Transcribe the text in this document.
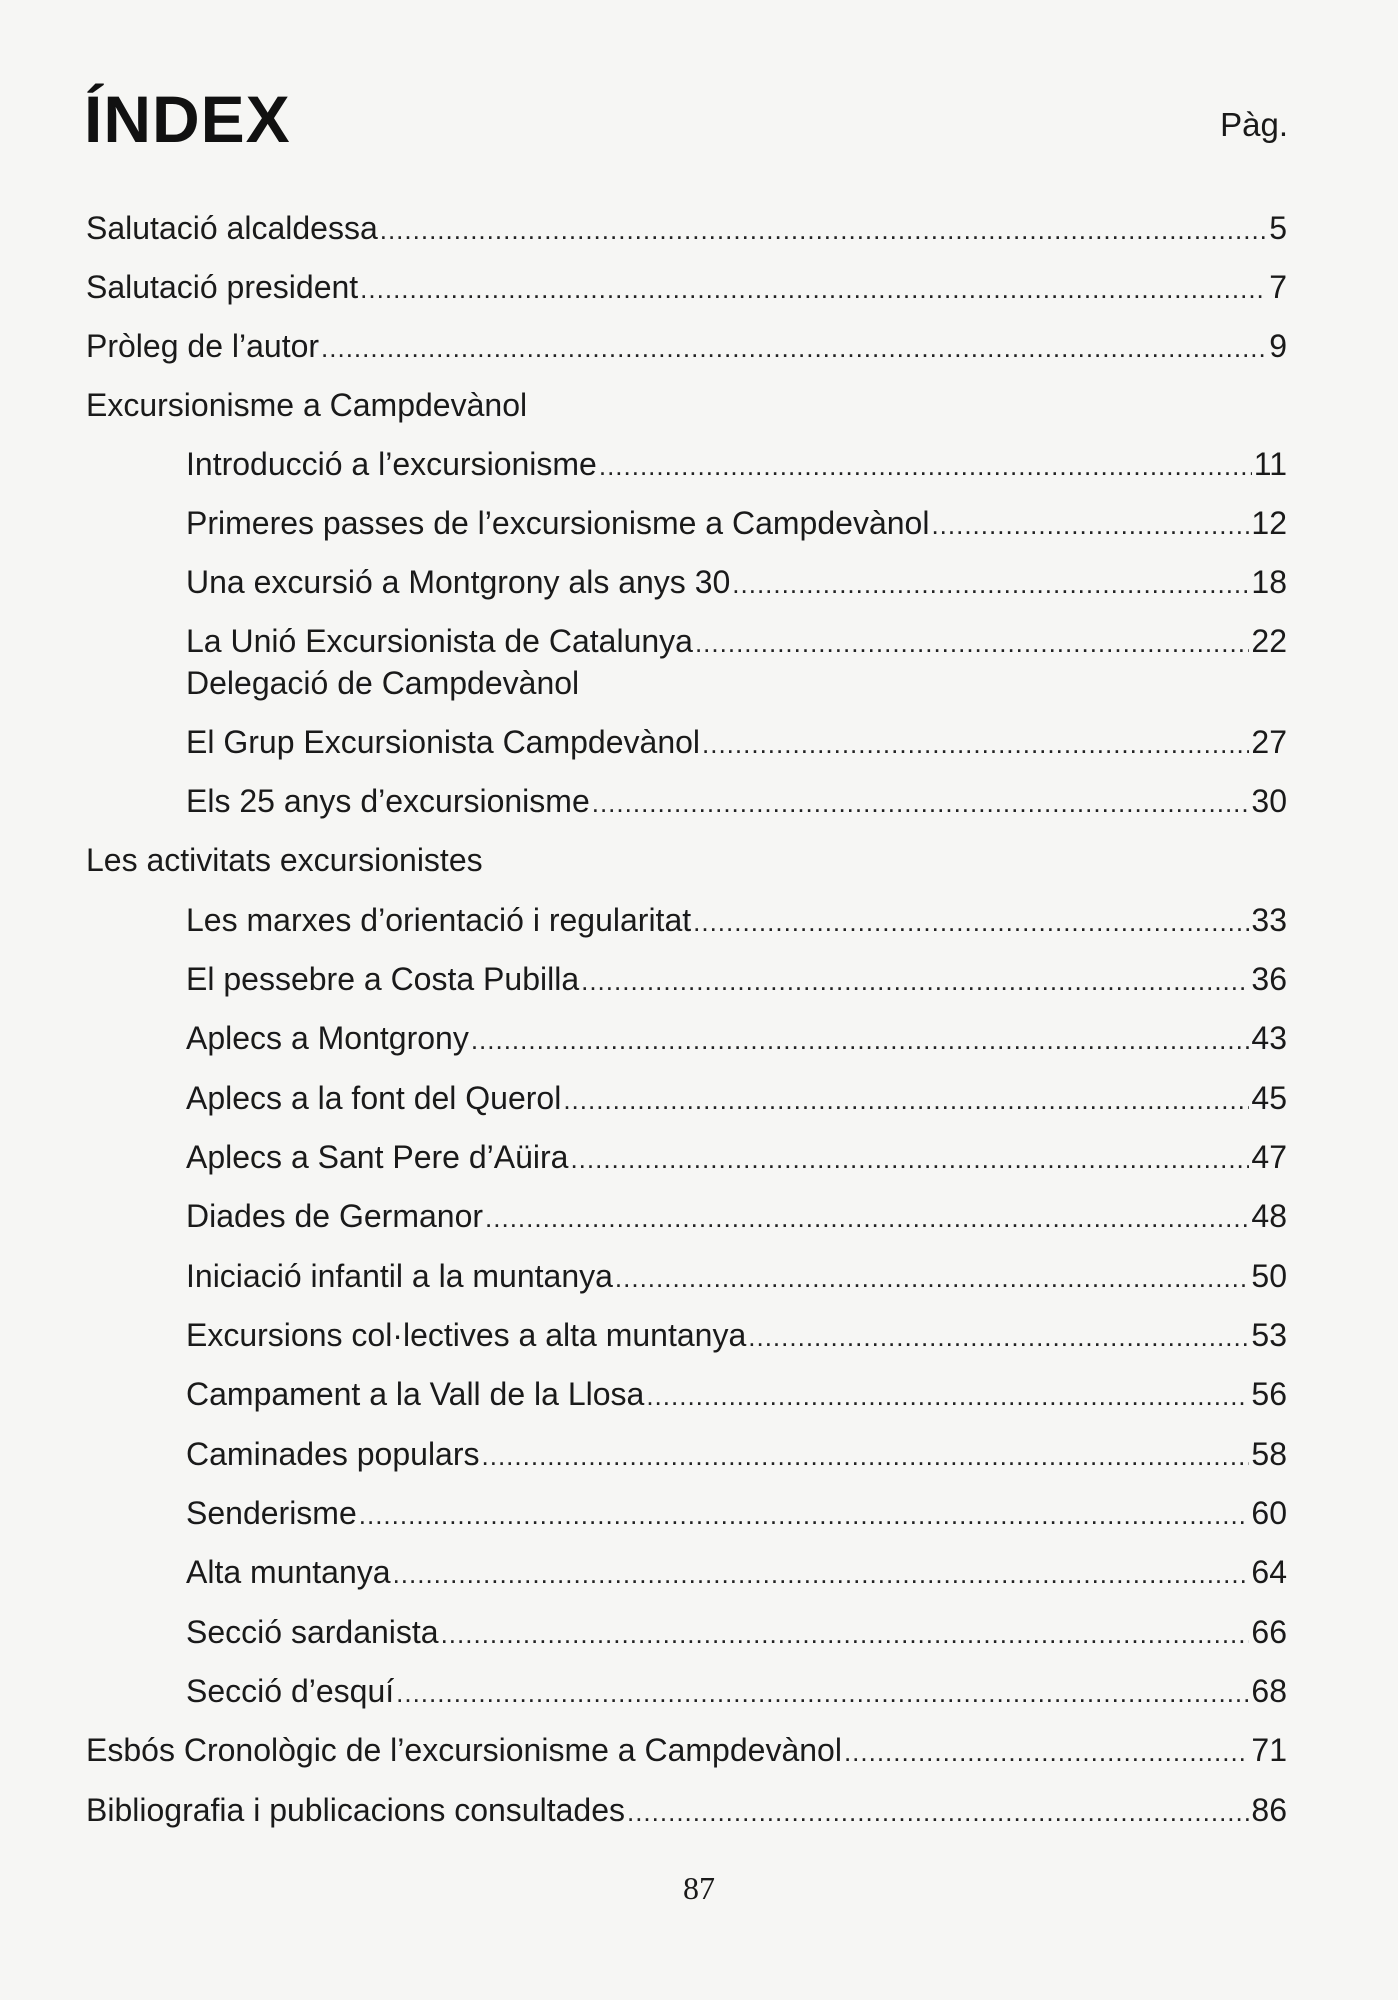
ÍNDEX	Pàg.
Salutació alcaldessa .....	5
Salutació president .....	7
Pròleg de l’autor .....	9
Excursionisme a Campdevànol
Introducció a l’excursionisme .....	11
Primeres passes de l’excursionisme a Campdevànol .....	12
Una excursió a Montgrony als anys 30 .....	18
La Unió Excursionista de Catalunya .....	22
Delegació de Campdevànol
El Grup Excursionista Campdevànol .....	27
Els 25 anys d’excursionisme .....	30
Les activitats excursionistes
Les marxes d’orientació i regularitat .....	33
El pessebre a Costa Pubilla .....	36
Aplecs a Montgrony .....	43
Aplecs a la font del Querol .....	45
Aplecs a Sant Pere d’Aüira .....	47
Diades de Germanor .....	48
Iniciació infantil a la muntanya .....	50
Excursions col·lectives a alta muntanya .....	53
Campament a la Vall de la Llosa .....	56
Caminades populars .....	58
Senderisme .....	60
Alta muntanya .....	64
Secció sardanista .....	66
Secció d’esquí .....	68
Esbós Cronològic de l’excursionisme a Campdevànol .....	71
Bibliografia i publicacions consultades .....	86
87
